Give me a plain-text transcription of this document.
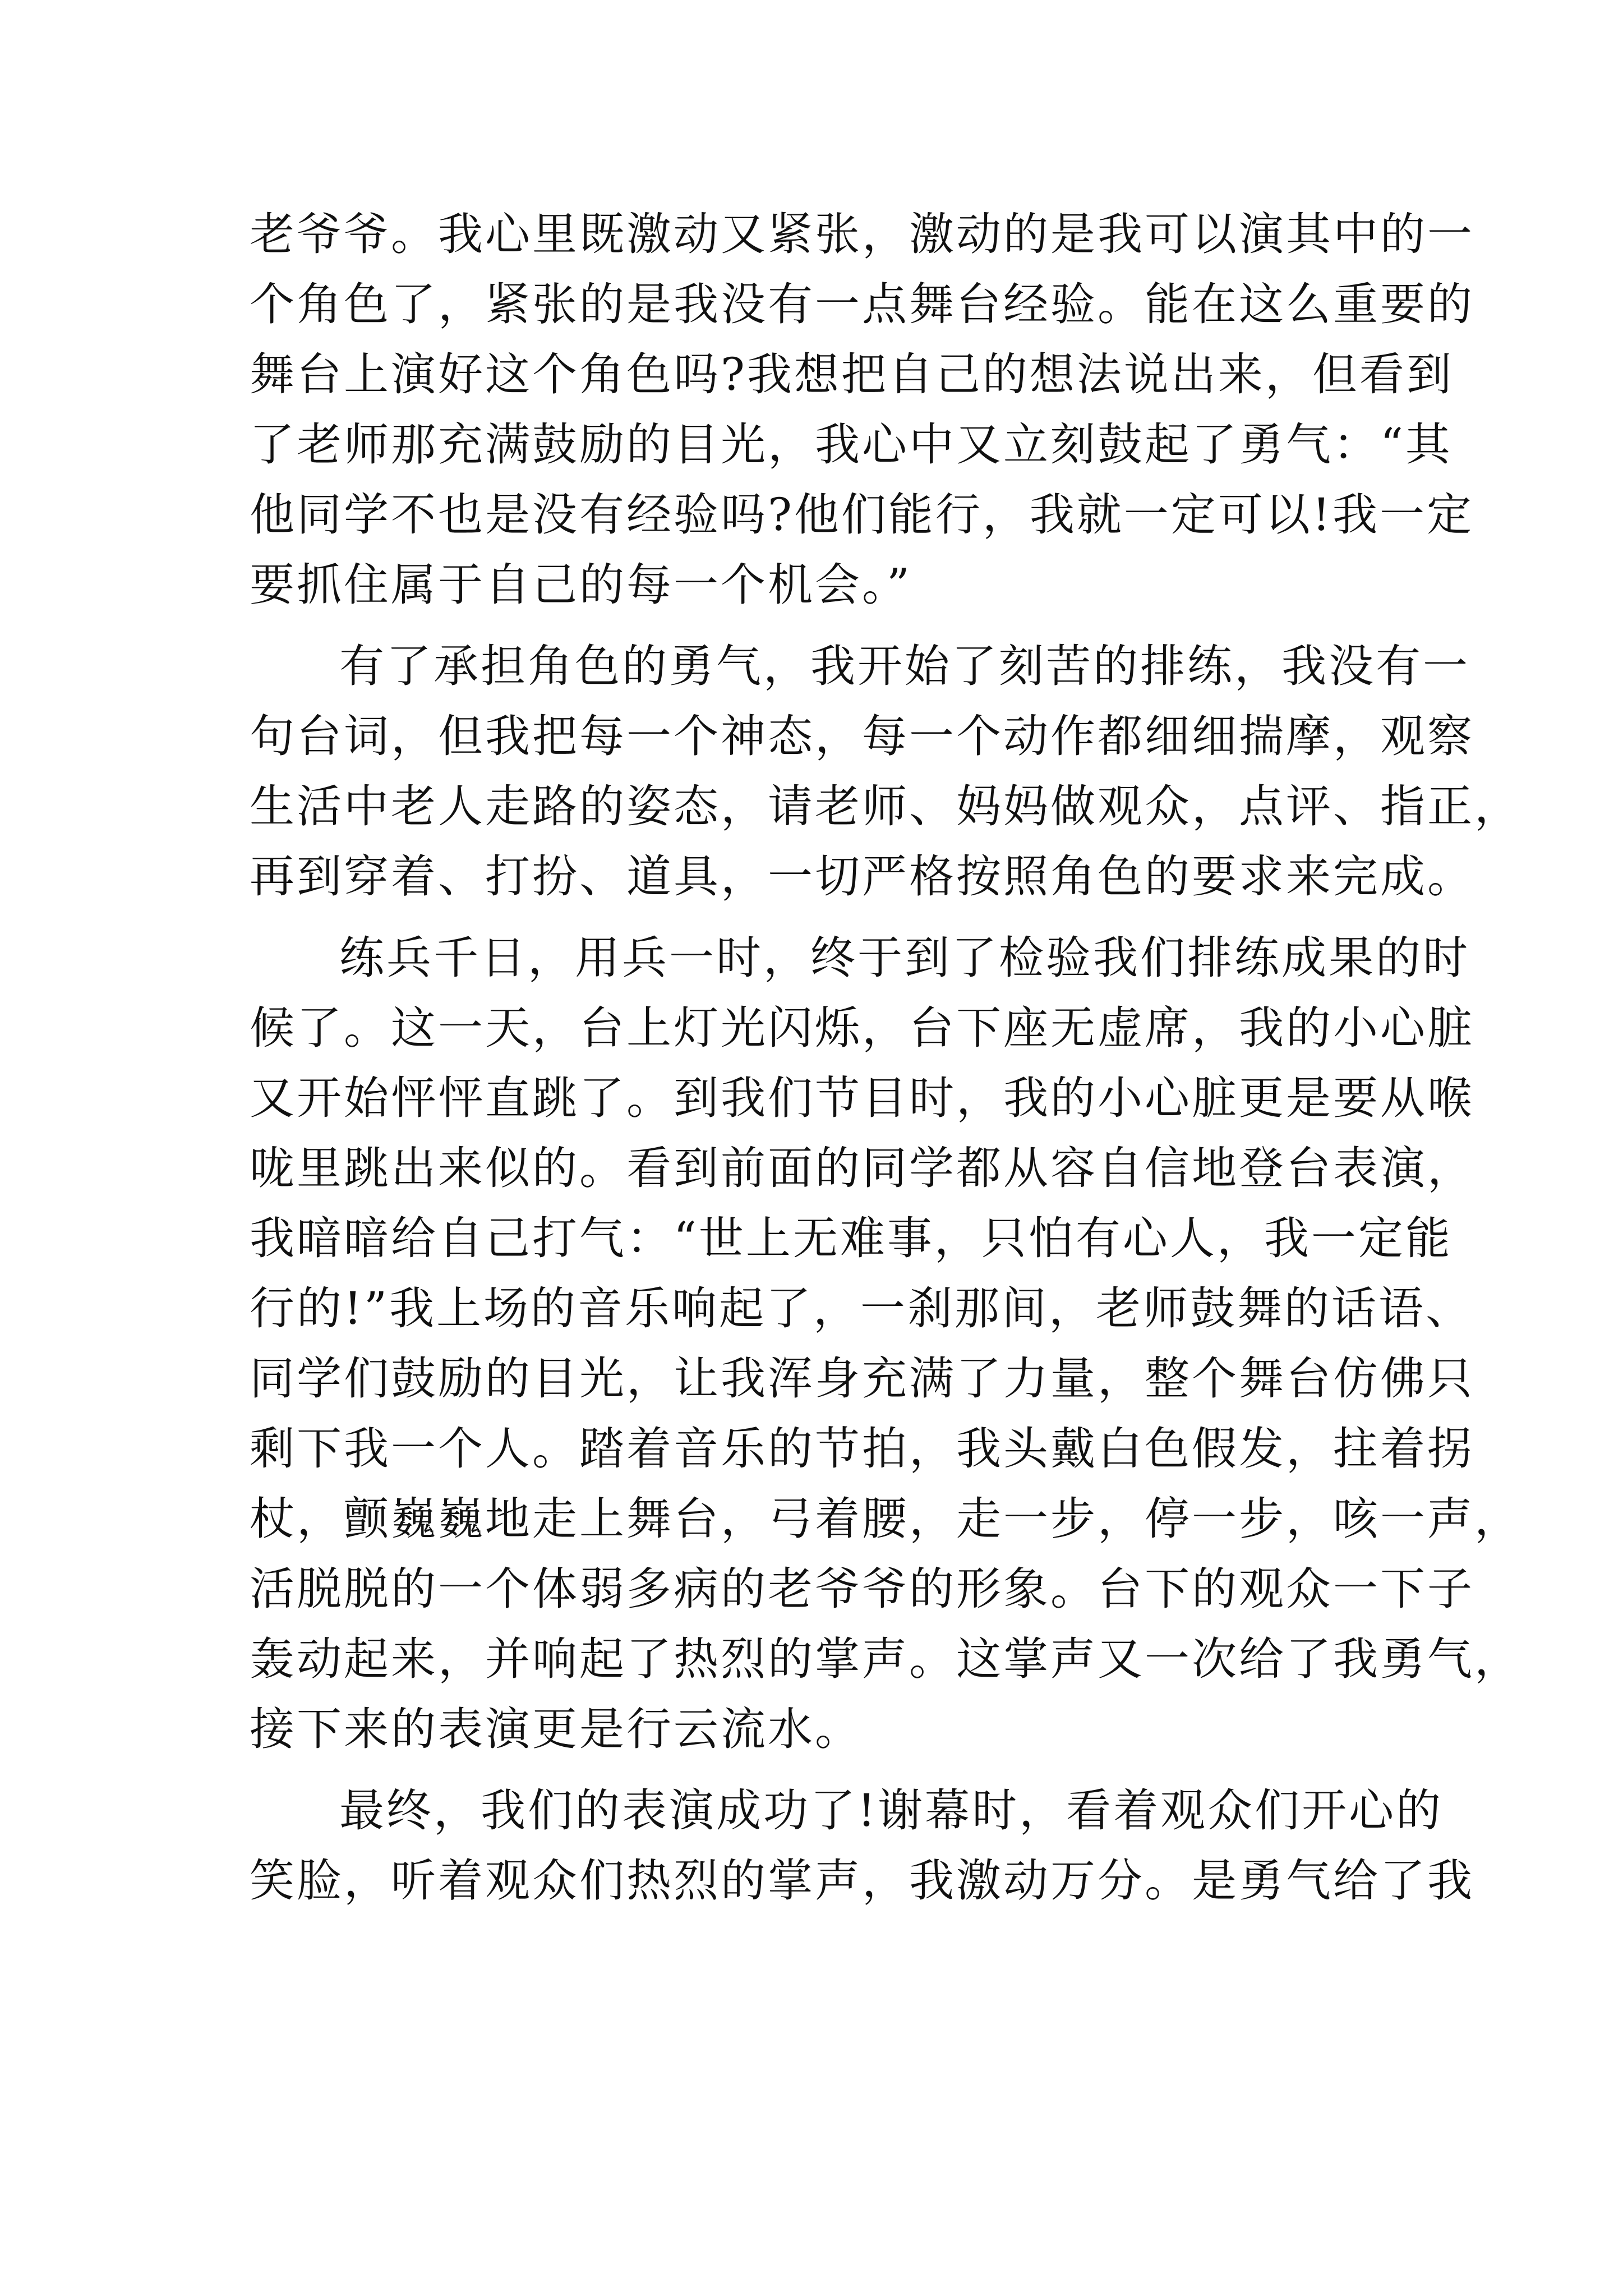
老爷爷。我心里既激动又紧张，激动的是我可以演其中的一
个角色了，紧张的是我没有一点舞台经验。能在这么重要的
舞台上演好这个角色吗?我想把自己的想法说出来，但看到
了老师那充满鼓励的目光，我心中又立刻鼓起了勇气：“其
他同学不也是没有经验吗?他们能行，我就一定可以!我一定
要抓住属于自己的每一个机会。”
有了承担角色的勇气，我开始了刻苦的排练，我没有一
句台词，但我把每一个神态，每一个动作都细细揣摩，观察
生活中老人走路的姿态，请老师、妈妈做观众，点评、指正，
再到穿着、打扮、道具，一切严格按照角色的要求来完成。
练兵千日，用兵一时，终于到了检验我们排练成果的时
候了。这一天，台上灯光闪烁，台下座无虚席，我的小心脏
又开始怦怦直跳了。到我们节目时，我的小心脏更是要从喉
咙里跳出来似的。看到前面的同学都从容自信地登台表演，
我暗暗给自己打气：“世上无难事，只怕有心人，我一定能
行的!”我上场的音乐响起了，一刹那间，老师鼓舞的话语、
同学们鼓励的目光，让我浑身充满了力量，整个舞台仿佛只
剩下我一个人。踏着音乐的节拍，我头戴白色假发，拄着拐
杖，颤巍巍地走上舞台，弓着腰，走一步，停一步，咳一声，
活脱脱的一个体弱多病的老爷爷的形象。台下的观众一下子
轰动起来，并响起了热烈的掌声。这掌声又一次给了我勇气，
接下来的表演更是行云流水。
最终，我们的表演成功了!谢幕时，看着观众们开心的
笑脸，听着观众们热烈的掌声，我激动万分。是勇气给了我
